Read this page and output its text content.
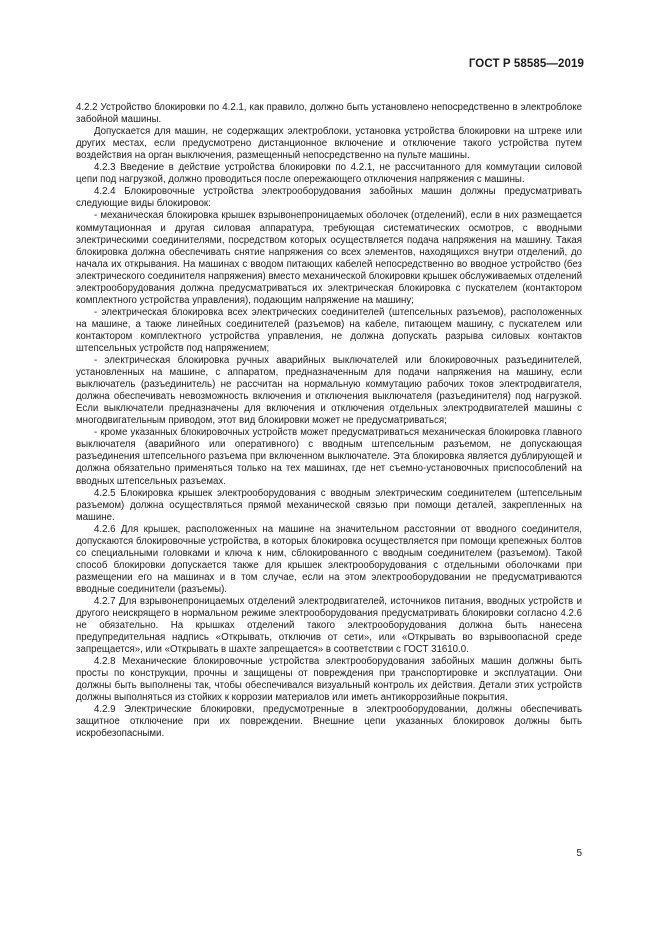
ГОСТ Р 58585—2019

4.2.2 Устройство блокировки по 4.2.1, как правило, должно быть установлено непосредственно в электроблоке забойной машины.

Допускается для машин, не содержащих электроблоки, установка устройства блокировки на штреке или других местах, если предусмотрено дистанционное включение и отключение такого устройства путем воздействия на орган выключения, размещенный непосредственно на пульте машины.

4.2.3 Введение в действие устройства блокировки по 4.2.1, не рассчитанного для коммутации силовой цепи под нагрузкой, должно проводиться после опережающего отключения напряжения с машины.

4.2.4 Блокировочные устройства электрооборудования забойных машин должны предусматривать следующие виды блокировок:

- механическая блокировка крышек взрывонепроницаемых оболочек (отделений), если в них размещается коммутационная и другая силовая аппаратура, требующая систематических осмотров, с вводными электрическими соединителями, посредством которых осуществляется подача напряжения на машину. Такая блокировка должна обеспечивать снятие напряжения со всех элементов, находящихся внутри отделений, до начала их открывания. На машинах с вводом питающих кабелей непосредственно во вводное устройство (без электрического соединителя напряжения) вместо механической блокировки крышек обслуживаемых отделений электрооборудования должна предусматриваться их электрическая блокировка с пускателем (контактором комплектного устройства управления), подающим напряжение на машину;

- электрическая блокировка всех электрических соединителей (штепсельных разъемов), расположенных на машине, а также линейных соединителей (разъемов) на кабеле, питающем машину, с пускателем или контактором комплектного устройства управления, не должна допускать разрыва силовых контактов штепсельных устройств под напряжением;

- электрическая блокировка ручных аварийных выключателей или блокировочных разъединителей, установленных на машине, с аппаратом, предназначенным для подачи напряжения на машину, если выключатель (разъединитель) не рассчитан на нормальную коммутацию рабочих токов электродвигателя, должна обеспечивать невозможность включения и отключения выключателя (разъединителя) под нагрузкой. Если выключатели предназначены для включения и отключения отдельных электродвигателей машины с многодвигательным приводом, этот вид блокировки может не предусматриваться;

- кроме указанных блокировочных устройств может предусматриваться механическая блокировка главного выключателя (аварийного или оперативного) с вводным штепсельным разъемом, не допускающая разъединения штепсельного разъема при включенном выключателе. Эта блокировка является дублирующей и должна обязательно применяться только на тех машинах, где нет съемно-установочных приспособлений на вводных штепсельных разъемах.

4.2.5 Блокировка крышек электрооборудования с вводным электрическим соединителем (штепсельным разъемом) должна осуществляться прямой механической связью при помощи деталей, закрепленных на машине.

4.2.6 Для крышек, расположенных на машине на значительном расстоянии от вводного соединителя, допускаются блокировочные устройства, в которых блокировка осуществляется при помощи крепежных болтов со специальными головками и ключа к ним, сблокированного с вводным соединителем (разъемом). Такой способ блокировки допускается также для крышек электрооборудования с отдельными оболочками при размещении его на машинах и в том случае, если на этом электрооборудовании не предусматриваются вводные соединители (разъемы).

4.2.7 Для взрывонепроницаемых отделений электродвигателей, источников питания, вводных устройств и другого неискрящего в нормальном режиме электрооборудования предусматривать блокировки согласно 4.2.6 не обязательно. На крышках отделений такого электрооборудования должна быть нанесена предупредительная надпись «Открывать, отключив от сети», или «Открывать во взрывоопасной среде запрещается», или «Открывать в шахте запрещается» в соответствии с ГОСТ 31610.0.

4.2.8 Механические блокировочные устройства электрооборудования забойных машин должны быть просты по конструкции, прочны и защищены от повреждения при транспортировке и эксплуатации. Они должны быть выполнены так, чтобы обеспечивался визуальный контроль их действия. Детали этих устройств должны выполняться из стойких к коррозии материалов или иметь антикоррозийные покрытия.

4.2.9 Электрические блокировки, предусмотренные в электрооборудовании, должны обеспечивать защитное отключение при их повреждении. Внешние цепи указанных блокировок должны быть искробезопасными.

5
